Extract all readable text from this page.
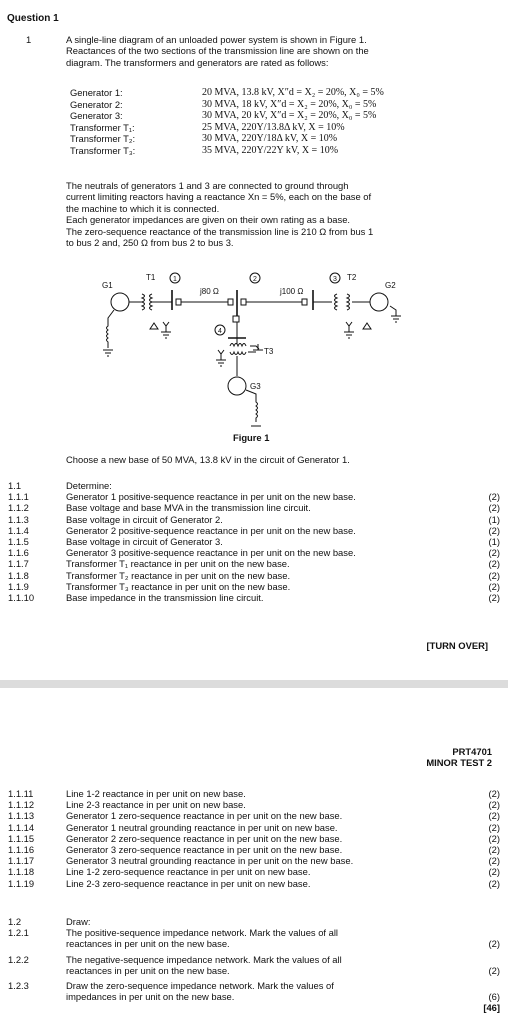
Question 1
1	A single-line diagram of an unloaded power system is shown in Figure 1.
Reactances of the two sections of the transmission line are shown on the
diagram. The transformers and generators are rated as follows:
Generator 1:	20 MVA, 13.8 kV, X″d = X₂ = 20%, X₀ = 5%
Generator 2:	30 MVA, 18 kV, X″d = X₂ = 20%, X₀ = 5%
Generator 3:	30 MVA, 20 kV, X″d = X₂ = 20%, X₀ = 5%
Transformer T₁:	25 MVA, 220Y/13.8Δ kV, X = 10%
Transformer T₂:	30 MVA, 220Y/18Δ kV, X = 10%
Transformer T₃:	35 MVA, 220Y/22Y kV, X = 10%
The neutrals of generators 1 and 3 are connected to ground through
current limiting reactors having a reactance Xn = 5%, each on the base of
the machine to which it is connected.
Each generator impedances are given on their own rating as a base.
The zero-sequence reactance of the transmission line is 210 Ω from bus 1
to bus 2 and, 250 Ω from bus 2 to bus 3.
G1
T1	1
j80 Ω
2
j100 Ω
3 T2
G2
4
T3
G3
Figure 1
Choose a new base of 50 MVA, 13.8 kV in the circuit of Generator 1.
1.1	Determine:
1.1.1	Generator 1 positive-sequence reactance in per unit on the new base.	(2)
1.1.2	Base voltage and base MVA in the transmission line circuit.	(2)
1.1.3	Base voltage in circuit of Generator 2.	(1)
1.1.4	Generator 2 positive-sequence reactance in per unit on the new base.	(2)
1.1.5	Base voltage in circuit of Generator 3.	(1)
1.1.6	Generator 3 positive-sequence reactance in per unit on the new base.	(2)
1.1.7	Transformer T₁ reactance in per unit on the new base.	(2)
1.1.8	Transformer T₂ reactance in per unit on the new base.	(2)
1.1.9	Transformer T₃ reactance in per unit on the new base.	(2)
1.1.10	Base impedance in the transmission line circuit.	(2)
[TURN OVER]
PRT4701
MINOR TEST 2
1.1.11	Line 1-2 reactance in per unit on new base.	(2)
1.1.12	Line 2-3 reactance in per unit on new base.	(2)
1.1.13	Generator 1 zero-sequence reactance in per unit on the new base.	(2)
1.1.14	Generator 1 neutral grounding reactance in per unit on new base.	(2)
1.1.15	Generator 2 zero-sequence reactance in per unit on the new base.	(2)
1.1.16	Generator 3 zero-sequence reactance in per unit on the new base.	(2)
1.1.17	Generator 3 neutral grounding reactance in per unit on the new base.	(2)
1.1.18	Line 1-2 zero-sequence reactance in per unit on new base.	(2)
1.1.19	Line 2-3 zero-sequence reactance in per unit on new base.	(2)
1.2	Draw:
1.2.1	The positive-sequence impedance network. Mark the values of all
reactances in per unit on the new base.	(2)
1.2.2	The negative-sequence impedance network. Mark the values of all
reactances in per unit on the new base.	(2)
1.2.3	Draw the zero-sequence impedance network. Mark the values of
impedances in per unit on the new base.	(6)
[46]
